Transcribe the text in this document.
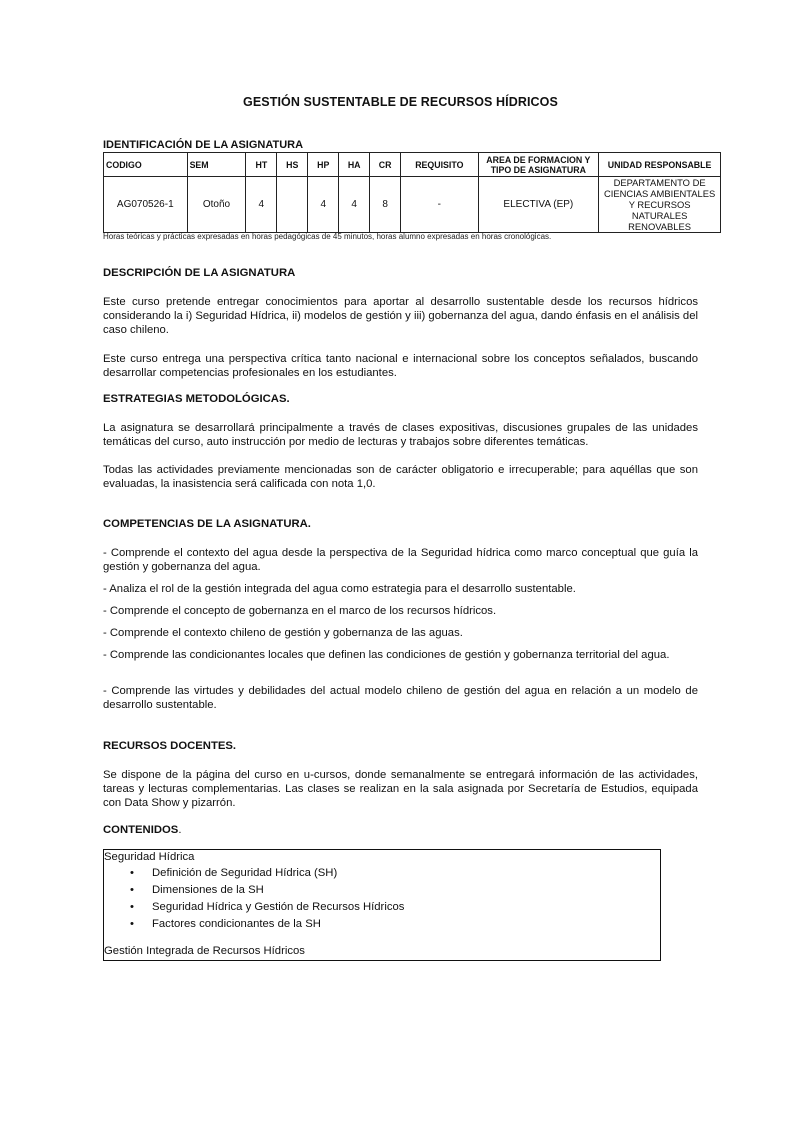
GESTIÓN SUSTENTABLE DE RECURSOS HÍDRICOS
IDENTIFICACIÓN DE LA ASIGNATURA
CODIGO	SEM	HT	HS	HP	HA	CR	REQUISITO	AREA DE FORMACION Y TIPO DE ASIGNATURA	UNIDAD RESPONSABLE
AG070526-1	Otoño	4		4	4	8	-	ELECTIVA (EP)	DEPARTAMENTO DE CIENCIAS AMBIENTALES Y RECURSOS NATURALES RENOVABLES
Horas teóricas y prácticas expresadas en horas pedagógicas de 45 minutos, horas alumno expresadas en horas cronológicas.
DESCRIPCIÓN DE LA ASIGNATURA
Este curso pretende entregar conocimientos para aportar al desarrollo sustentable desde los recursos hídricos considerando la i) Seguridad Hídrica, ii) modelos de gestión y iii) gobernanza del agua, dando énfasis en el análisis del caso chileno.
Este curso entrega una perspectiva crítica tanto nacional e internacional sobre los conceptos señalados, buscando desarrollar competencias profesionales en los estudiantes.
ESTRATEGIAS METODOLÓGICAS.
La asignatura se desarrollará principalmente a través de clases expositivas, discusiones grupales de las unidades temáticas del curso, auto instrucción por medio de lecturas y trabajos sobre diferentes temáticas.
Todas las actividades previamente mencionadas son de carácter obligatorio e irrecuperable; para aquéllas que son evaluadas, la inasistencia será calificada con nota 1,0.
COMPETENCIAS DE LA ASIGNATURA.
- Comprende el contexto del agua desde la perspectiva de la Seguridad hídrica como marco conceptual que guía la gestión y gobernanza del agua.
- Analiza el rol de la gestión integrada del agua como estrategia para el desarrollo sustentable.
- Comprende el concepto de gobernanza en el marco de los recursos hídricos.
- Comprende el contexto chileno de gestión y gobernanza de las aguas.
- Comprende las condicionantes locales que definen las condiciones de gestión y gobernanza territorial del agua.
- Comprende las virtudes y debilidades del actual modelo chileno de gestión del agua en relación a un modelo de desarrollo sustentable.
RECURSOS DOCENTES.
Se dispone de la página del curso en u-cursos, donde semanalmente se entregará información de las actividades, tareas y lecturas complementarias. Las clases se realizan en la sala asignada por Secretaría de Estudios, equipada con Data Show y pizarrón.
CONTENIDOS.
Seguridad Hídrica
• Definición de Seguridad Hídrica (SH)
• Dimensiones de la SH
• Seguridad Hídrica y Gestión de Recursos Hídricos
• Factores condicionantes de la SH
Gestión Integrada de Recursos Hídricos
